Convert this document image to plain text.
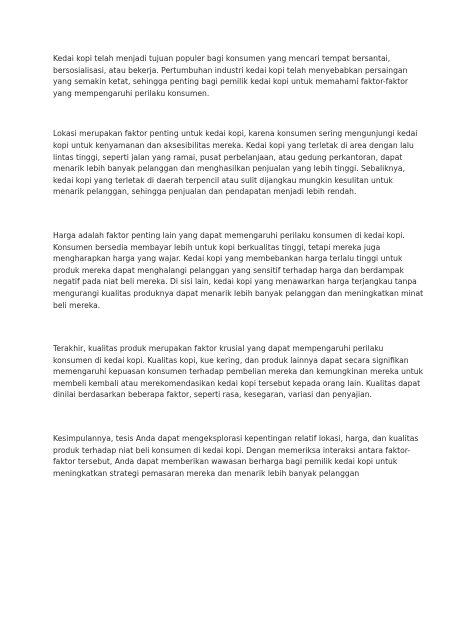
Kedai kopi telah menjadi tujuan populer bagi konsumen yang mencari tempat bersantai, bersosialisasi, atau bekerja. Pertumbuhan industri kedai kopi telah menyebabkan persaingan yang semakin ketat, sehingga penting bagi pemilik kedai kopi untuk memahami faktor-faktor yang mempengaruhi perilaku konsumen.

Lokasi merupakan faktor penting untuk kedai kopi, karena konsumen sering mengunjungi kedai kopi untuk kenyamanan dan aksesibilitas mereka. Kedai kopi yang terletak di area dengan lalu lintas tinggi, seperti jalan yang ramai, pusat perbelanjaan, atau gedung perkantoran, dapat menarik lebih banyak pelanggan dan menghasilkan penjualan yang lebih tinggi. Sebaliknya, kedai kopi yang terletak di daerah terpencil atau sulit dijangkau mungkin kesulitan untuk menarik pelanggan, sehingga penjualan dan pendapatan menjadi lebih rendah.

Harga adalah faktor penting lain yang dapat memengaruhi perilaku konsumen di kedai kopi. Konsumen bersedia membayar lebih untuk kopi berkualitas tinggi, tetapi mereka juga mengharapkan harga yang wajar. Kedai kopi yang membebankan harga terlalu tinggi untuk produk mereka dapat menghalangi pelanggan yang sensitif terhadap harga dan berdampak negatif pada niat beli mereka. Di sisi lain, kedai kopi yang menawarkan harga terjangkau tanpa mengurangi kualitas produknya dapat menarik lebih banyak pelanggan dan meningkatkan minat beli mereka.

Terakhir, kualitas produk merupakan faktor krusial yang dapat mempengaruhi perilaku konsumen di kedai kopi. Kualitas kopi, kue kering, dan produk lainnya dapat secara signifikan memengaruhi kepuasan konsumen terhadap pembelian mereka dan kemungkinan mereka untuk membeli kembali atau merekomendasikan kedai kopi tersebut kepada orang lain. Kualitas dapat dinilai berdasarkan beberapa faktor, seperti rasa, kesegaran, variasi dan penyajian.

Kesimpulannya, tesis Anda dapat mengeksplorasi kepentingan relatif lokasi, harga, dan kualitas produk terhadap niat beli konsumen di kedai kopi. Dengan memeriksa interaksi antara faktor-faktor tersebut, Anda dapat memberikan wawasan berharga bagi pemilik kedai kopi untuk meningkatkan strategi pemasaran mereka dan menarik lebih banyak pelanggan
